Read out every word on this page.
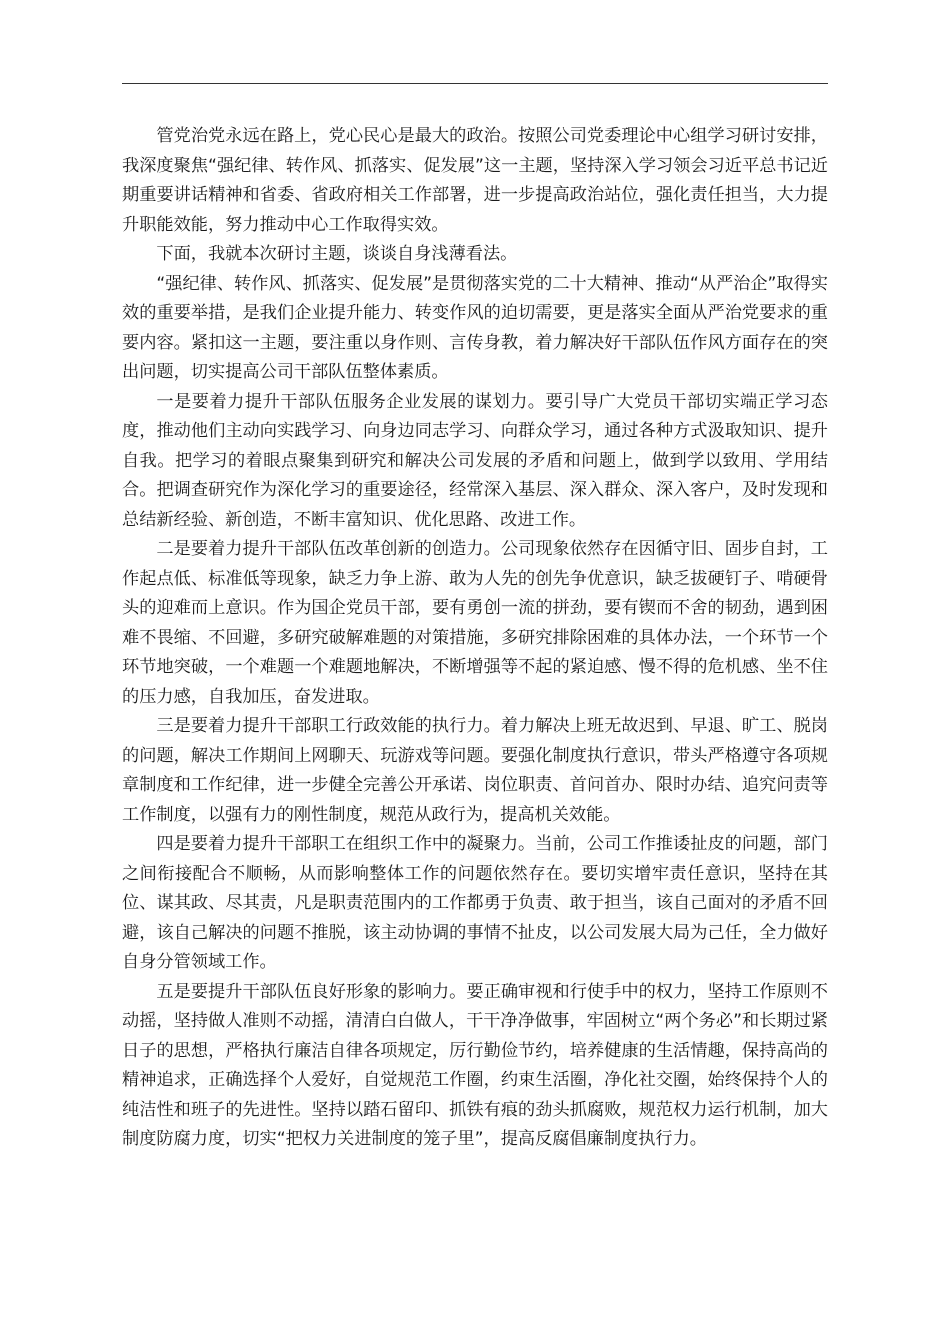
管党治党永远在路上，党心民心是最大的政治。按照公司党委理论中心组学习研讨安排，我深度聚焦“强纪律、转作风、抓落实、促发展”这一主题，坚持深入学习领会习近平总书记近期重要讲话精神和省委、省政府相关工作部署，进一步提高政治站位，强化责任担当，大力提升职能效能，努力推动中心工作取得实效。

下面，我就本次研讨主题，谈谈自身浅薄看法。

“强纪律、转作风、抓落实、促发展”是贯彻落实党的二十大精神、推动“从严治企”取得实效的重要举措，是我们企业提升能力、转变作风的迫切需要，更是落实全面从严治党要求的重要内容。紧扣这一主题，要注重以身作则、言传身教，着力解决好干部队伍作风方面存在的突出问题，切实提高公司干部队伍整体素质。

一是要着力提升干部队伍服务企业发展的谋划力。要引导广大党员干部切实端正学习态度，推动他们主动向实践学习、向身边同志学习、向群众学习，通过各种方式汲取知识、提升自我。把学习的着眼点聚集到研究和解决公司发展的矛盾和问题上，做到学以致用、学用结合。把调查研究作为深化学习的重要途径，经常深入基层、深入群众、深入客户，及时发现和总结新经验、新创造，不断丰富知识、优化思路、改进工作。

二是要着力提升干部队伍改革创新的创造力。公司现象依然存在因循守旧、固步自封，工作起点低、标准低等现象，缺乏力争上游、敢为人先的创先争优意识，缺乏拔硬钉子、啃硬骨头的迎难而上意识。作为国企党员干部，要有勇创一流的拼劲，要有锲而不舍的韧劲，遇到困难不畏缩、不回避，多研究破解难题的对策措施，多研究排除困难的具体办法，一个环节一个环节地突破，一个难题一个难题地解决，不断增强等不起的紧迫感、慢不得的危机感、坐不住的压力感，自我加压，奋发进取。

三是要着力提升干部职工行政效能的执行力。着力解决上班无故迟到、早退、旷工、脱岗的问题，解决工作期间上网聊天、玩游戏等问题。要强化制度执行意识，带头严格遵守各项规章制度和工作纪律，进一步健全完善公开承诺、岗位职责、首问首办、限时办结、追究问责等工作制度，以强有力的刚性制度，规范从政行为，提高机关效能。

四是要着力提升干部职工在组织工作中的凝聚力。当前，公司工作推诿扯皮的问题，部门之间衔接配合不顺畅，从而影响整体工作的问题依然存在。要切实增牢责任意识，坚持在其位、谋其政、尽其责，凡是职责范围内的工作都勇于负责、敢于担当，该自己面对的矛盾不回避，该自己解决的问题不推脱，该主动协调的事情不扯皮，以公司发展大局为己任，全力做好自身分管领域工作。

五是要提升干部队伍良好形象的影响力。要正确审视和行使手中的权力，坚持工作原则不动摇，坚持做人准则不动摇，清清白白做人，干干净净做事，牢固树立“两个务必”和长期过紧日子的思想，严格执行廉洁自律各项规定，厉行勤俭节约，培养健康的生活情趣，保持高尚的精神追求，正确选择个人爱好，自觉规范工作圈，约束生活圈，净化社交圈，始终保持个人的纯洁性和班子的先进性。坚持以踏石留印、抓铁有痕的劲头抓腐败，规范权力运行机制，加大制度防腐力度，切实“把权力关进制度的笼子里”，提高反腐倡廉制度执行力。
